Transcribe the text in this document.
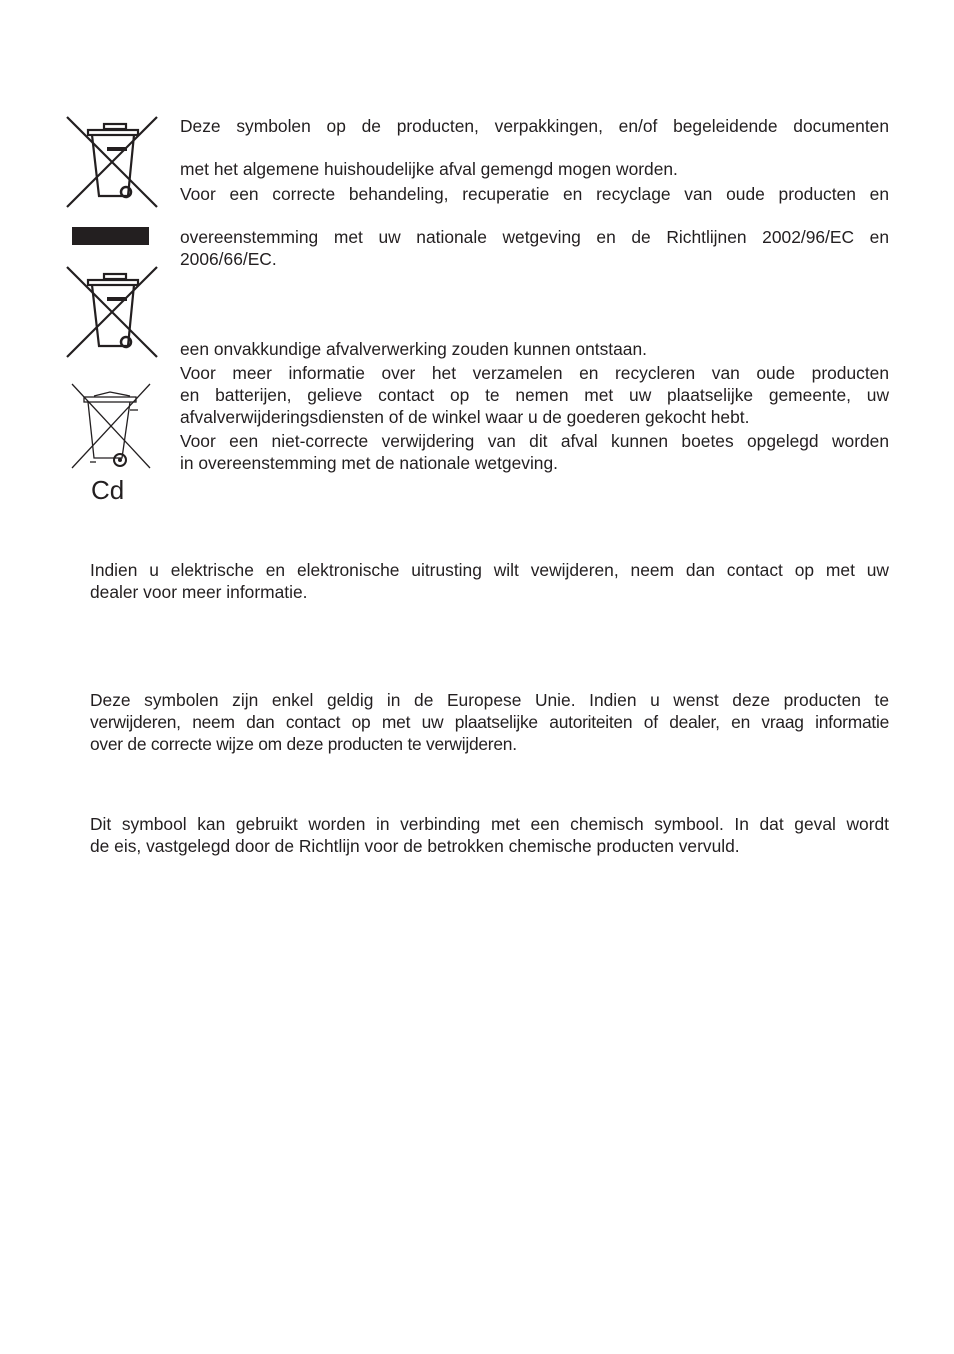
Cd

Deze symbolen op de producten, verpakkingen, en/of begeleidende documenten

met het algemene huishoudelijke afval gemengd mogen worden.

Voor een correcte behandeling, recuperatie en recyclage van oude producten en

overeenstemming met uw nationale wetgeving en de Richtlijnen 2002/96/EC en

2006/66/EC.

een onvakkundige afvalverwerking zouden kunnen ontstaan.

Voor meer informatie over het verzamelen en recycleren van oude producten

en batterijen, gelieve contact op te nemen met uw plaatselijke gemeente, uw

afvalverwijderingsdiensten of de winkel waar u de goederen gekocht hebt.

Voor een niet-correcte verwijdering van dit afval kunnen boetes opgelegd worden

in overeenstemming met de nationale wetgeving.

Indien u elektrische en elektronische uitrusting wilt vewijderen, neem dan contact op met uw

dealer voor meer informatie.

Deze symbolen zijn enkel geldig in de Europese Unie. Indien u wenst deze producten te

verwijderen, neem dan contact op met uw plaatselijke autoriteiten of dealer, en vraag informatie

over de correcte wijze om deze producten te verwijderen.

Dit symbool kan gebruikt worden in verbinding met een chemisch symbool. In dat geval wordt

de eis, vastgelegd door de Richtlijn voor de betrokken chemische producten vervuld.
